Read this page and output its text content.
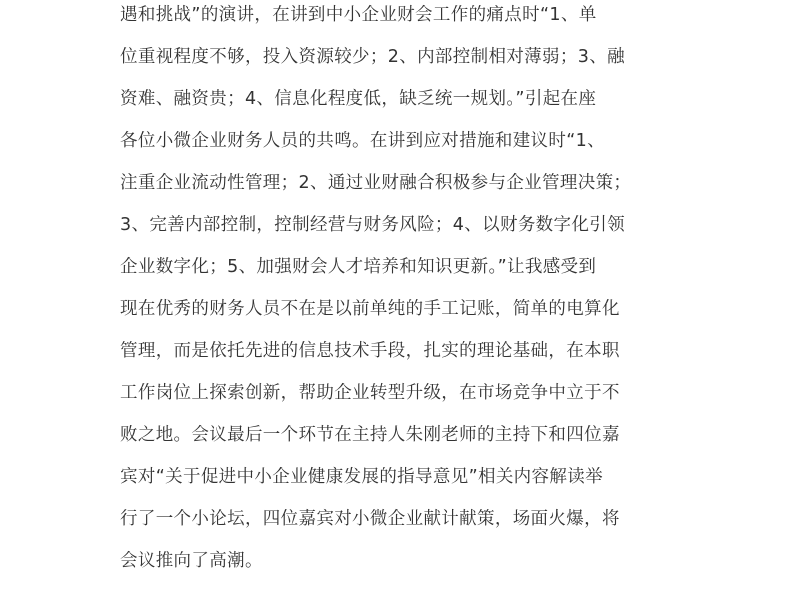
遇和挑战”的演讲，在讲到中小企业财会工作的痛点时“1、单
位重视程度不够，投入资源较少；2、内部控制相对薄弱；3、融
资难、融资贵；4、信息化程度低，缺乏统一规划。”引起在座
各位小微企业财务人员的共鸣。在讲到应对措施和建议时“1、
注重企业流动性管理；2、通过业财融合积极参与企业管理决策；
3、完善内部控制，控制经营与财务风险；4、以财务数字化引领
企业数字化；5、加强财会人才培养和知识更新。”让我感受到
现在优秀的财务人员不在是以前单纯的手工记账，简单的电算化
管理，而是依托先进的信息技术手段，扎实的理论基础，在本职
工作岗位上探索创新，帮助企业转型升级，在市场竞争中立于不
败之地。会议最后一个环节在主持人朱刚老师的主持下和四位嘉
宾对“关于促进中小企业健康发展的指导意见”相关内容解读举
行了一个小论坛，四位嘉宾对小微企业献计献策，场面火爆，将
会议推向了高潮。
